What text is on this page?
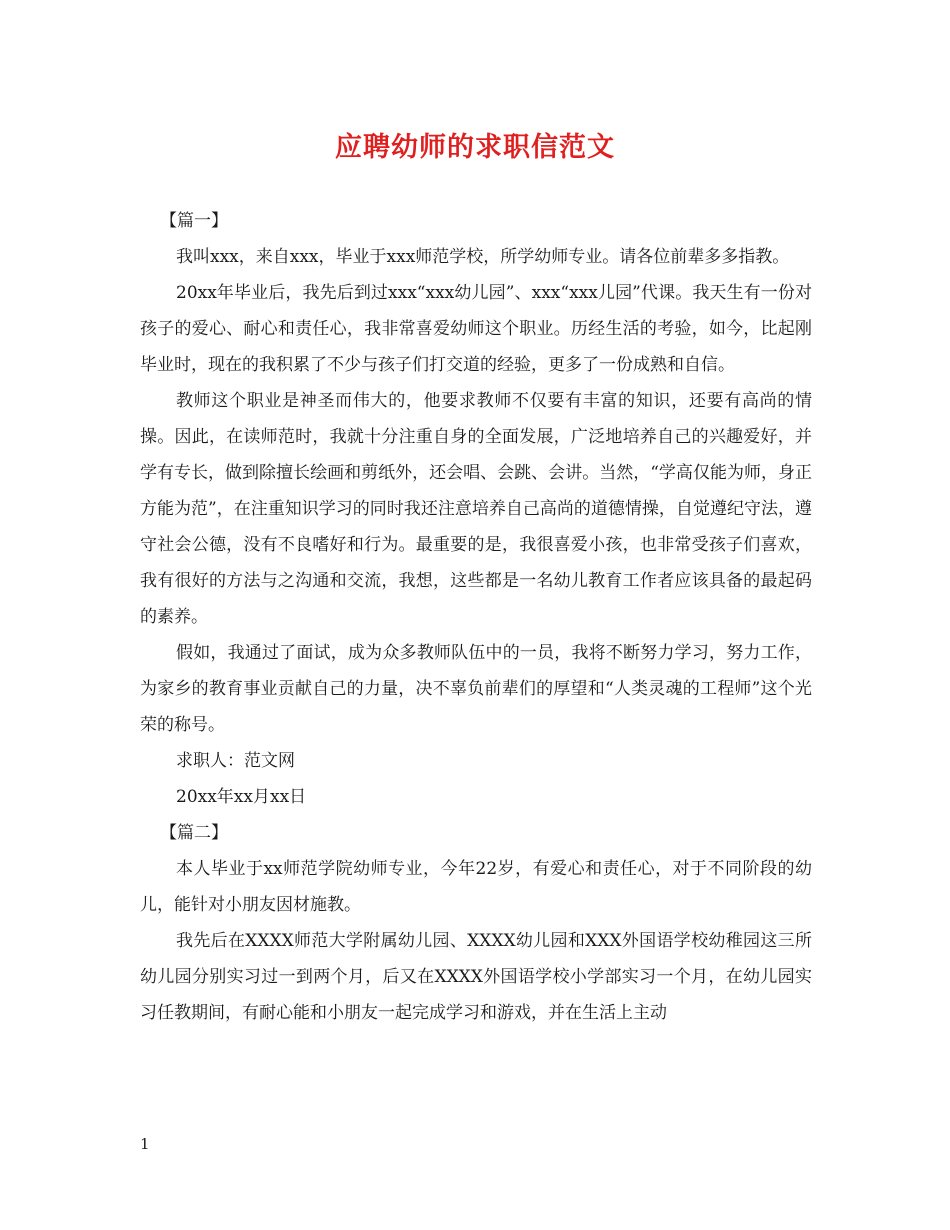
应聘幼师的求职信范文

【篇一】

我叫xxx，来自xxx，毕业于xxx师范学校，所学幼师专业。请各位前辈多多指教。

20xx年毕业后，我先后到过xxx“xxx幼儿园”、xxx“xxx儿园”代课。我天生有一份对孩子的爱心、耐心和责任心，我非常喜爱幼师这个职业。历经生活的考验，如今，比起刚毕业时，现在的我积累了不少与孩子们打交道的经验，更多了一份成熟和自信。

教师这个职业是神圣而伟大的，他要求教师不仅要有丰富的知识，还要有高尚的情操。因此，在读师范时，我就十分注重自身的全面发展，广泛地培养自己的兴趣爱好，并学有专长，做到除擅长绘画和剪纸外，还会唱、会跳、会讲。当然，“学高仅能为师，身正方能为范”，在注重知识学习的同时我还注意培养自己高尚的道德情操，自觉遵纪守法，遵守社会公德，没有不良嗜好和行为。最重要的是，我很喜爱小孩，也非常受孩子们喜欢，我有很好的方法与之沟通和交流，我想，这些都是一名幼儿教育工作者应该具备的最起码的素养。

假如，我通过了面试，成为众多教师队伍中的一员，我将不断努力学习，努力工作，为家乡的教育事业贡献自己的力量，决不辜负前辈们的厚望和“人类灵魂的工程师”这个光荣的称号。

求职人：范文网

20xx年xx月xx日

【篇二】

本人毕业于xx师范学院幼师专业，今年22岁，有爱心和责任心，对于不同阶段的幼儿，能针对小朋友因材施教。

我先后在XXXX师范大学附属幼儿园、XXXX幼儿园和XXX外国语学校幼稚园这三所幼儿园分别实习过一到两个月，后又在XXXX外国语学校小学部实习一个月，在幼儿园实习任教期间，有耐心能和小朋友一起完成学习和游戏，并在生活上主动

1
